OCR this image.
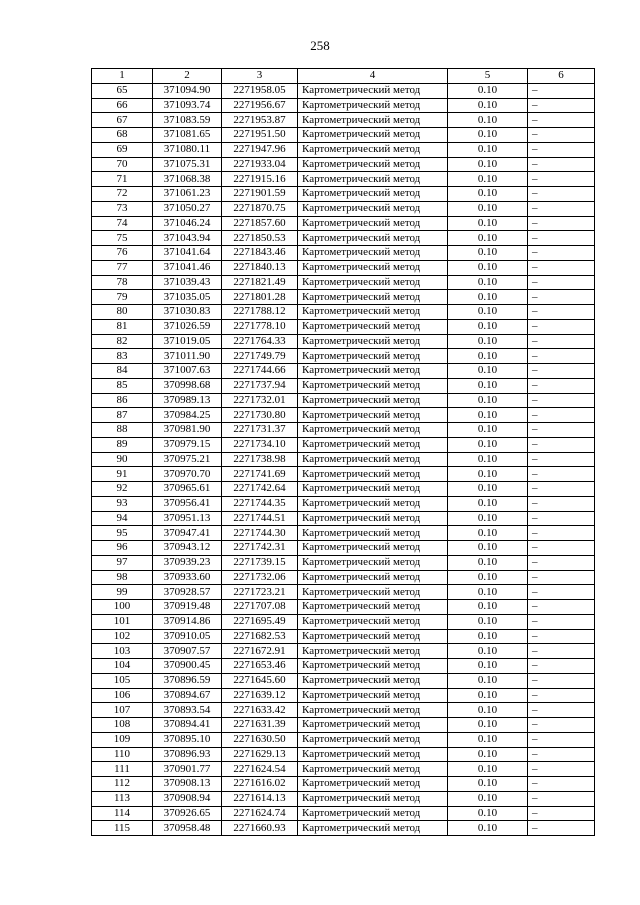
258
1	2	3	4	5	6
65	371094.90	2271958.05	Картометрический метод	0.10	–
66	371093.74	2271956.67	Картометрический метод	0.10	–
67	371083.59	2271953.87	Картометрический метод	0.10	–
68	371081.65	2271951.50	Картометрический метод	0.10	–
69	371080.11	2271947.96	Картометрический метод	0.10	–
70	371075.31	2271933.04	Картометрический метод	0.10	–
71	371068.38	2271915.16	Картометрический метод	0.10	–
72	371061.23	2271901.59	Картометрический метод	0.10	–
73	371050.27	2271870.75	Картометрический метод	0.10	–
74	371046.24	2271857.60	Картометрический метод	0.10	–
75	371043.94	2271850.53	Картометрический метод	0.10	–
76	371041.64	2271843.46	Картометрический метод	0.10	–
77	371041.46	2271840.13	Картометрический метод	0.10	–
78	371039.43	2271821.49	Картометрический метод	0.10	–
79	371035.05	2271801.28	Картометрический метод	0.10	–
80	371030.83	2271788.12	Картометрический метод	0.10	–
81	371026.59	2271778.10	Картометрический метод	0.10	–
82	371019.05	2271764.33	Картометрический метод	0.10	–
83	371011.90	2271749.79	Картометрический метод	0.10	–
84	371007.63	2271744.66	Картометрический метод	0.10	–
85	370998.68	2271737.94	Картометрический метод	0.10	–
86	370989.13	2271732.01	Картометрический метод	0.10	–
87	370984.25	2271730.80	Картометрический метод	0.10	–
88	370981.90	2271731.37	Картометрический метод	0.10	–
89	370979.15	2271734.10	Картометрический метод	0.10	–
90	370975.21	2271738.98	Картометрический метод	0.10	–
91	370970.70	2271741.69	Картометрический метод	0.10	–
92	370965.61	2271742.64	Картометрический метод	0.10	–
93	370956.41	2271744.35	Картометрический метод	0.10	–
94	370951.13	2271744.51	Картометрический метод	0.10	–
95	370947.41	2271744.30	Картометрический метод	0.10	–
96	370943.12	2271742.31	Картометрический метод	0.10	–
97	370939.23	2271739.15	Картометрический метод	0.10	–
98	370933.60	2271732.06	Картометрический метод	0.10	–
99	370928.57	2271723.21	Картометрический метод	0.10	–
100	370919.48	2271707.08	Картометрический метод	0.10	–
101	370914.86	2271695.49	Картометрический метод	0.10	–
102	370910.05	2271682.53	Картометрический метод	0.10	–
103	370907.57	2271672.91	Картометрический метод	0.10	–
104	370900.45	2271653.46	Картометрический метод	0.10	–
105	370896.59	2271645.60	Картометрический метод	0.10	–
106	370894.67	2271639.12	Картометрический метод	0.10	–
107	370893.54	2271633.42	Картометрический метод	0.10	–
108	370894.41	2271631.39	Картометрический метод	0.10	–
109	370895.10	2271630.50	Картометрический метод	0.10	–
110	370896.93	2271629.13	Картометрический метод	0.10	–
111	370901.77	2271624.54	Картометрический метод	0.10	–
112	370908.13	2271616.02	Картометрический метод	0.10	–
113	370908.94	2271614.13	Картометрический метод	0.10	–
114	370926.65	2271624.74	Картометрический метод	0.10	–
115	370958.48	2271660.93	Картометрический метод	0.10	–
